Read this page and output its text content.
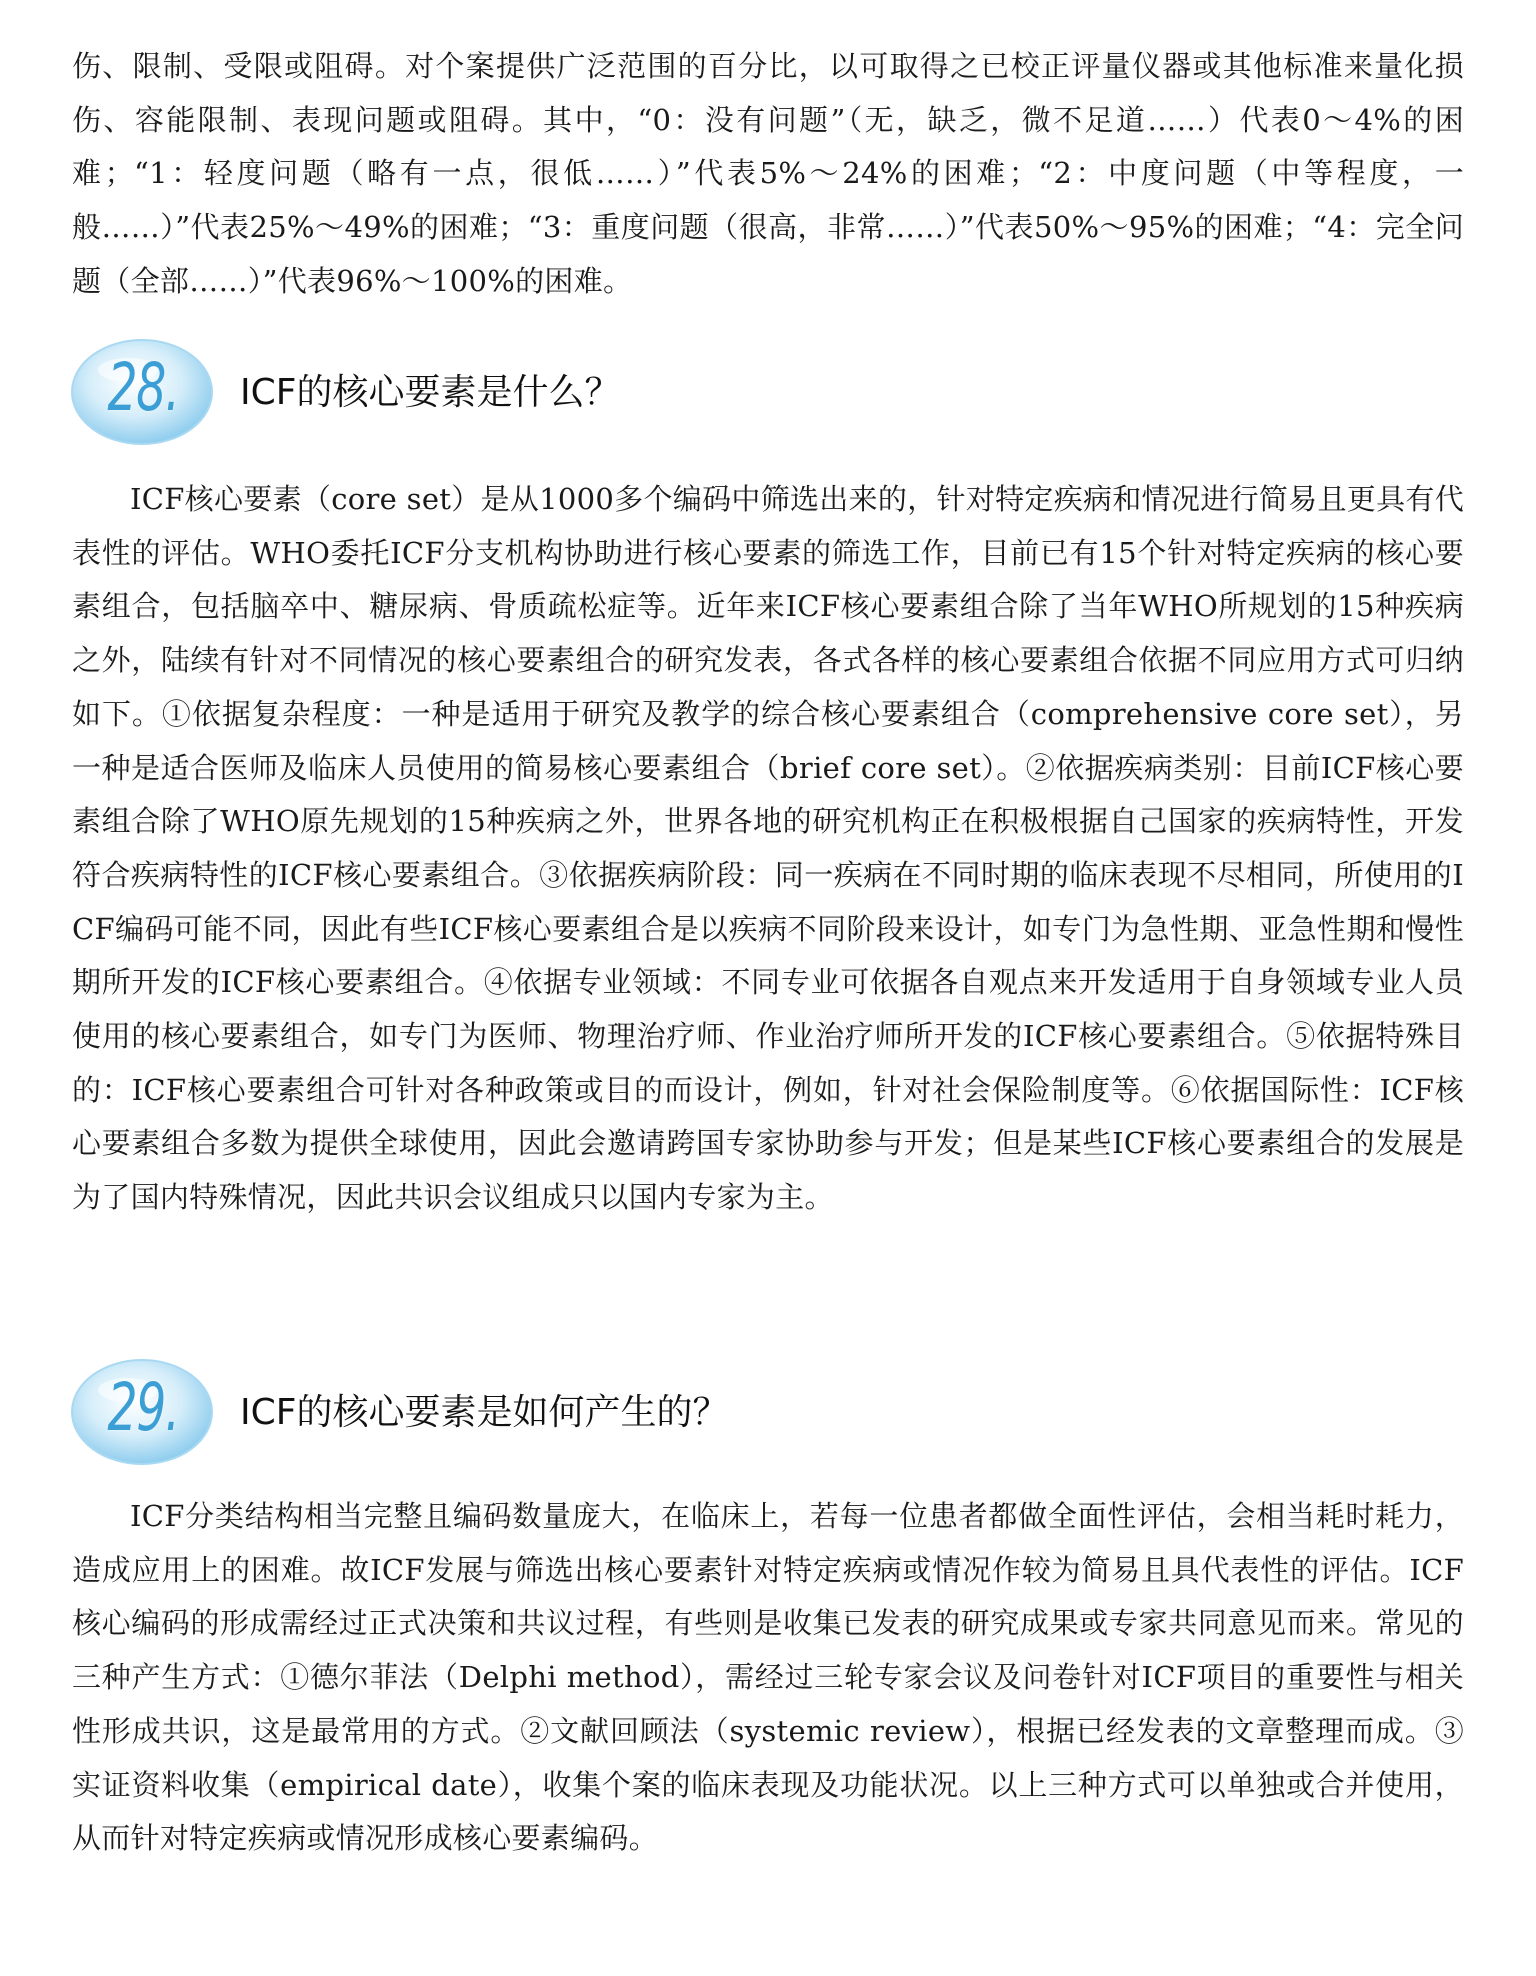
伤、限制、受限或阻碍。对个案提供广泛范围的百分比，以可取得之已校正评量仪器或其他标准来量化损伤、容能限制、表现问题或阻碍。其中，“0：没有问题”（无，缺乏，微不足道……）代表0～4%的困难；“1：轻度问题（略有一点，很低……）”代表5%～24%的困难；“2：中度问题（中等程度，一般……）”代表25%～49%的困难；“3：重度问题（很高，非常……）”代表50%～95%的困难；“4：完全问题（全部……）”代表96%～100%的困难。

28.	ICF的核心要素是什么？

ICF核心要素（core set）是从1000多个编码中筛选出来的，针对特定疾病和情况进行简易且更具有代表性的评估。WHO委托ICF分支机构协助进行核心要素的筛选工作，目前已有15个针对特定疾病的核心要素组合，包括脑卒中、糖尿病、骨质疏松症等。近年来ICF核心要素组合除了当年WHO所规划的15种疾病之外，陆续有针对不同情况的核心要素组合的研究发表，各式各样的核心要素组合依据不同应用方式可归纳如下。①依据复杂程度：一种是适用于研究及教学的综合核心要素组合（comprehensive core set），另一种是适合医师及临床人员使用的简易核心要素组合（brief core set）。②依据疾病类别：目前ICF核心要素组合除了WHO原先规划的15种疾病之外，世界各地的研究机构正在积极根据自己国家的疾病特性，开发符合疾病特性的ICF核心要素组合。③依据疾病阶段：同一疾病在不同时期的临床表现不尽相同，所使用的ICF编码可能不同，因此有些ICF核心要素组合是以疾病不同阶段来设计，如专门为急性期、亚急性期和慢性期所开发的ICF核心要素组合。④依据专业领域：不同专业可依据各自观点来开发适用于自身领域专业人员使用的核心要素组合，如专门为医师、物理治疗师、作业治疗师所开发的ICF核心要素组合。⑤依据特殊目的：ICF核心要素组合可针对各种政策或目的而设计，例如，针对社会保险制度等。⑥依据国际性：ICF核心要素组合多数为提供全球使用，因此会邀请跨国专家协助参与开发；但是某些ICF核心要素组合的发展是为了国内特殊情况，因此共识会议组成只以国内专家为主。

29.	ICF的核心要素是如何产生的？

ICF分类结构相当完整且编码数量庞大，在临床上，若每一位患者都做全面性评估，会相当耗时耗力，造成应用上的困难。故ICF发展与筛选出核心要素针对特定疾病或情况作较为简易且具代表性的评估。ICF核心编码的形成需经过正式决策和共议过程，有些则是收集已发表的研究成果或专家共同意见而来。常见的三种产生方式：①德尔菲法（Delphi method），需经过三轮专家会议及问卷针对ICF项目的重要性与相关性形成共识，这是最常用的方式。②文献回顾法（systemic review），根据已经发表的文章整理而成。③实证资料收集（empirical date），收集个案的临床表现及功能状况。以上三种方式可以单独或合并使用，从而针对特定疾病或情况形成核心要素编码。
